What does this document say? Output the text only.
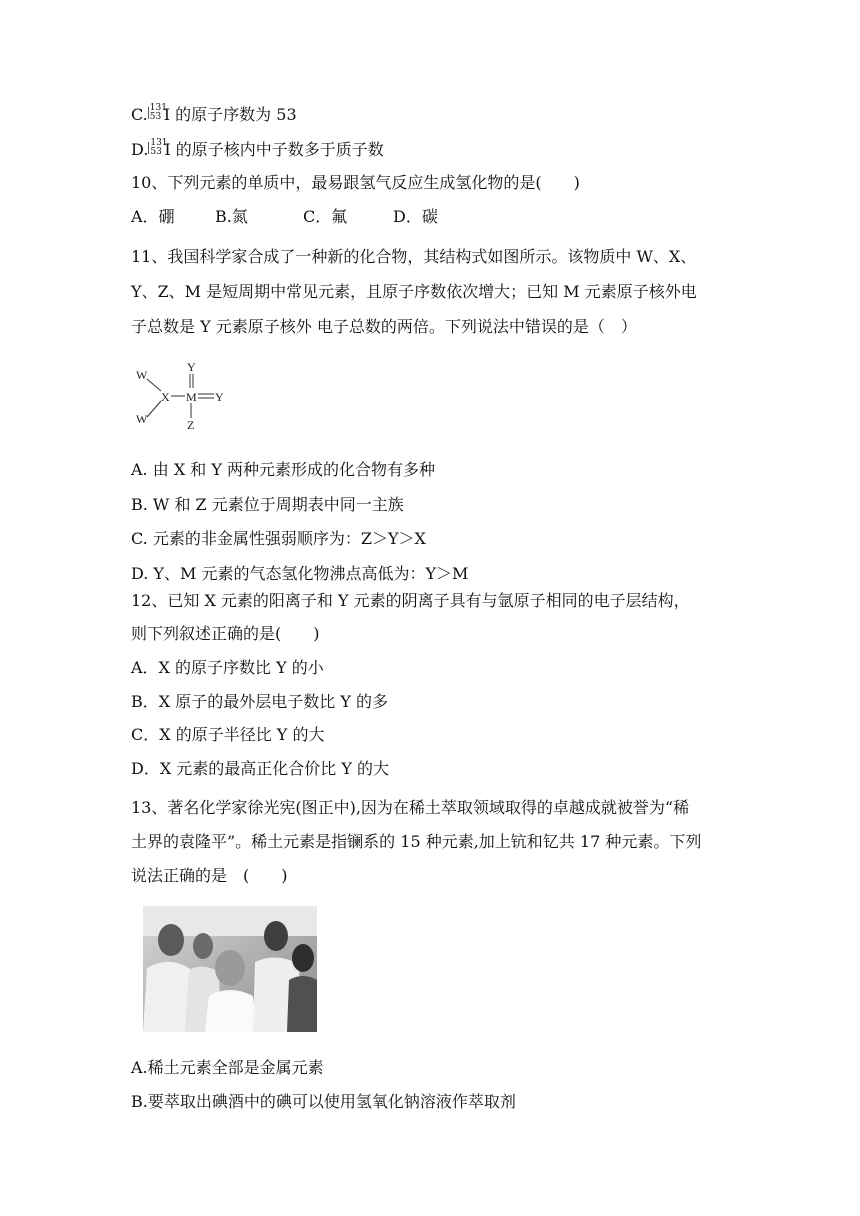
C. 131
53 I 的原子序数为 53
D. 131
53 I 的原子核内中子数多于质子数
10、下列元素的单质中，最易跟氢气反应生成氢化物的是(　　)
A．硼	B.氮	C．氟	D．碳
11、我国科学家合成了一种新的化合物，其结构式如图所示。该物质中 W、X、
Y、Z、M 是短周期中常见元素，且原子序数依次增大；已知 M 元素原子核外电
子总数是 Y 元素原子核外 电子总数的两倍。下列说法中错误的是（　）
W
W
X M
Y
Y
Z
A. 由 X 和 Y 两种元素形成的化合物有多种
B. W 和 Z 元素位于周期表中同一主族
C. 元素的非金属性强弱顺序为：Z＞Y＞X
D. Y、M 元素的气态氢化物沸点高低为：Y＞M
12、已知 X 元素的阳离子和 Y 元素的阴离子具有与氩原子相同的电子层结构，
则下列叙述正确的是(　　)
A．X 的原子序数比 Y 的小
B．X 原子的最外层电子数比 Y 的多
C．X 的原子半径比 Y 的大
D．X 元素的最高正化合价比 Y 的大
13、著名化学家徐光宪(图正中),因为在稀土萃取领域取得的卓越成就被誉为“稀
土界的袁隆平”。稀土元素是指镧系的 15 种元素,加上钪和钇共 17 种元素。下列
说法正确的是　(　　)
A.稀土元素全部是金属元素
B.要萃取出碘酒中的碘可以使用氢氧化钠溶液作萃取剂
